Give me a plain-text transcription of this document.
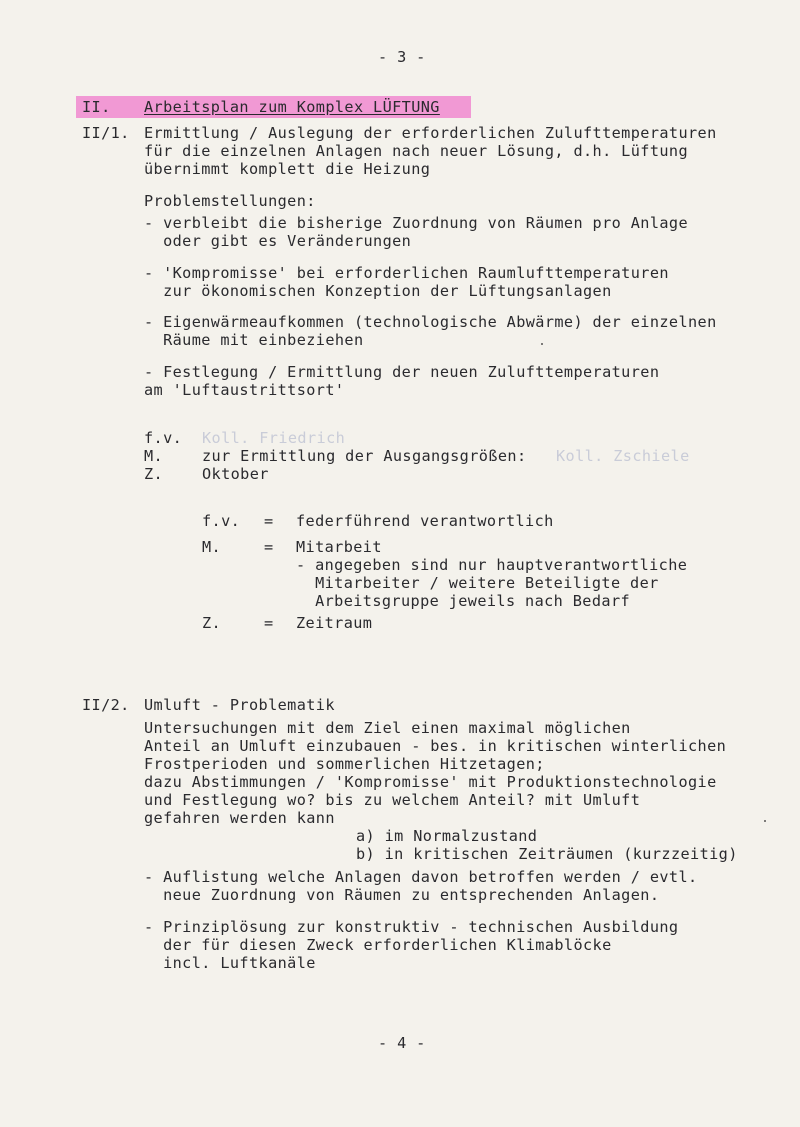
- 3 -
II. Arbeitsplan zum Komplex LÜFTUNG
II/1. Ermittlung / Auslegung der erforderlichen Zulufttemperaturen
für die einzelnen Anlagen nach neuer Lösung, d.h. Lüftung
übernimmt komplett die Heizung
Problemstellungen:
- verbleibt die bisherige Zuordnung von Räumen pro Anlage
oder gibt es Veränderungen
- 'Kompromisse' bei erforderlichen Raumlufttemperaturen
zur ökonomischen Konzeption der Lüftungsanlagen
- Eigenwärmeaufkommen (technologische Abwärme) der einzelnen
Räume mit einbeziehen
- Festlegung / Ermittlung der neuen Zulufttemperaturen
am 'Luftaustrittsort'
f.v. Koll. Friedrich
M.	zur Ermittlung der Ausgangsgrößen: Koll. Zschiele
Z.	Oktober
f.v. = federführend verantwortlich
M.	= Mitarbeit
- angegeben sind nur hauptverantwortliche
Mitarbeiter / weitere Beteiligte der
Arbeitsgruppe jeweils nach Bedarf
Z.	= Zeitraum
II/2. Umluft - Problematik
Untersuchungen mit dem Ziel einen maximal möglichen
Anteil an Umluft einzubauen - bes. in kritischen winterlichen
Frostperioden und sommerlichen Hitzetagen;
dazu Abstimmungen / 'Kompromisse' mit Produktionstechnologie
und Festlegung wo? bis zu welchem Anteil? mit Umluft
gefahren werden kann
a) im Normalzustand
b) in kritischen Zeiträumen (kurzzeitig)
- Auflistung welche Anlagen davon betroffen werden / evtl.
neue Zuordnung von Räumen zu entsprechenden Anlagen.
- Prinziplösung zur konstruktiv - technischen Ausbildung
der für diesen Zweck erforderlichen Klimablöcke
incl. Luftkanäle
- 4 -
